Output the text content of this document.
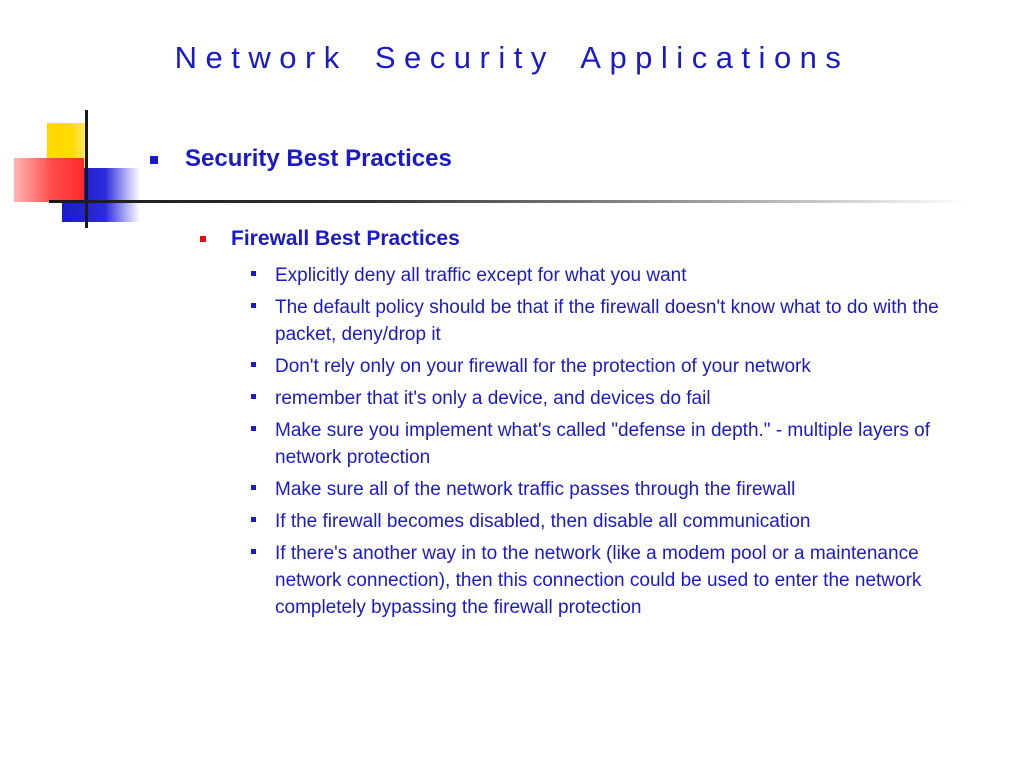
Network Security Applications
Security Best Practices
Firewall Best Practices
Explicitly deny all traffic except for what you want
The default policy should be that if the firewall doesn't know what to do with the packet, deny/drop it
Don't rely only on your firewall for the protection of your network
remember that it's only a device, and devices do fail
Make sure you implement what's called "defense in depth." - multiple layers of network protection
Make sure all of the network traffic passes through the firewall
If the firewall becomes disabled, then disable all communication
If there's another way in to the network (like a modem pool or a maintenance network connection), then this connection could be used to enter the network completely bypassing the firewall protection
